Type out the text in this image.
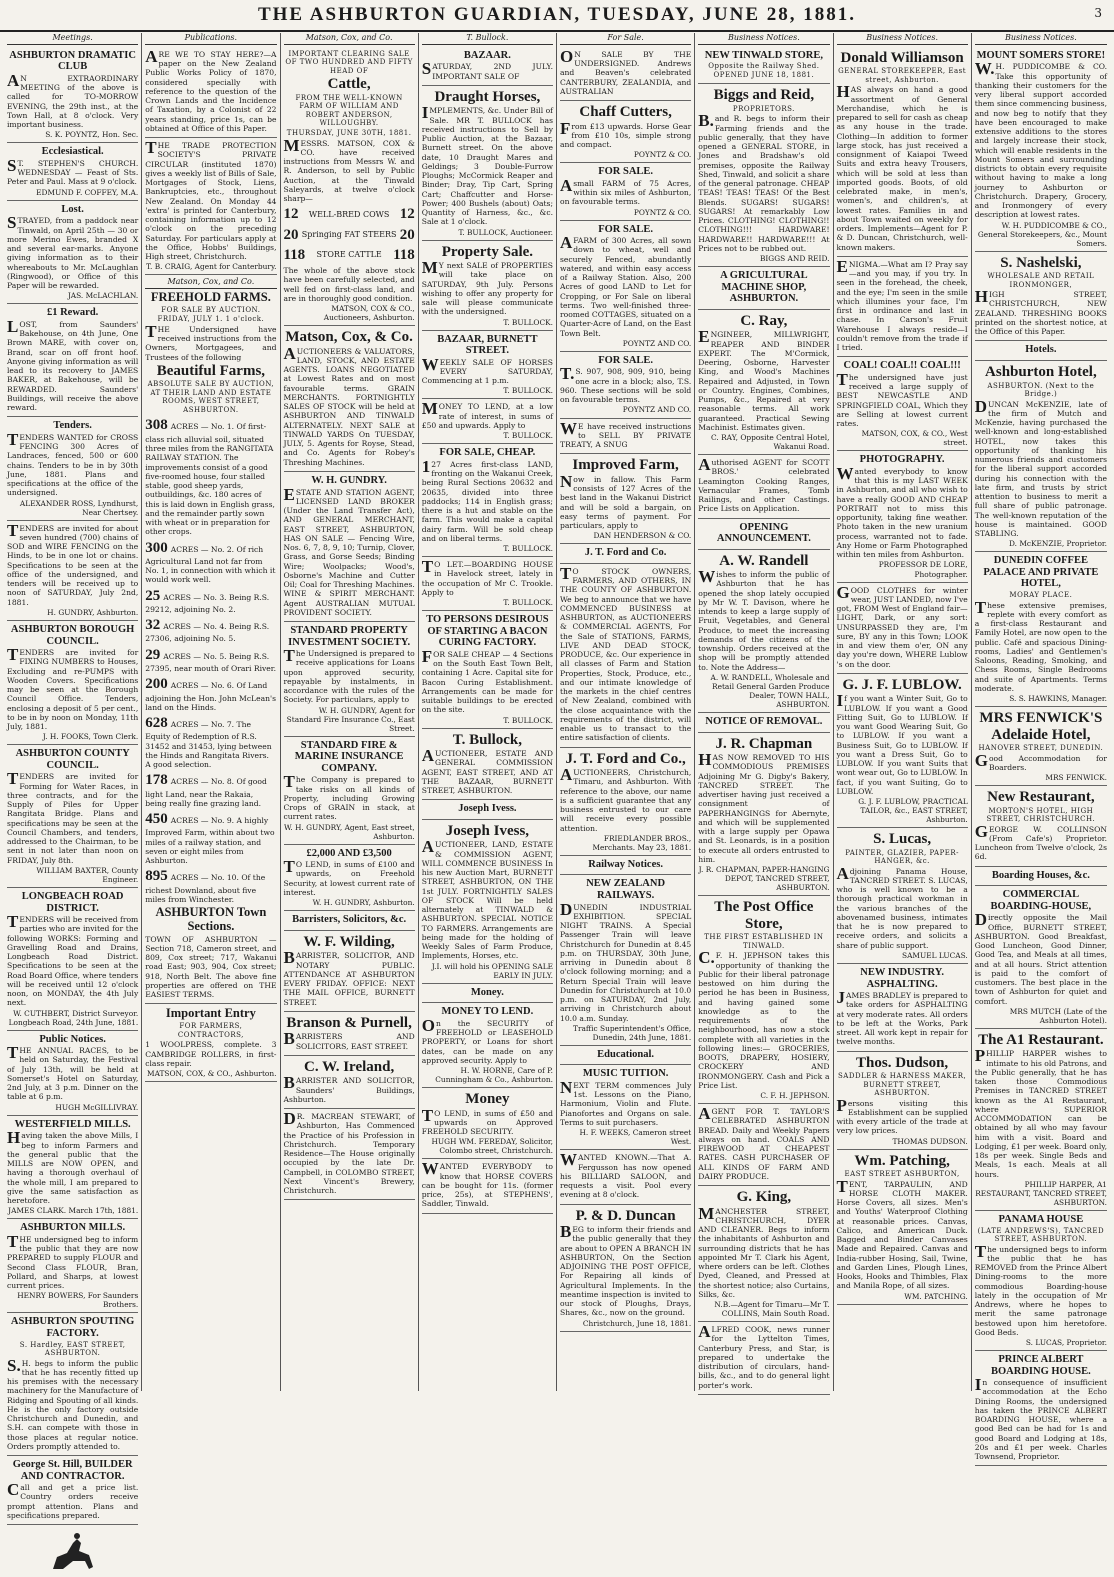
THE ASHBURTON GUARDIAN, TUESDAY, JUNE 28, 1881.	3
Meetings.
ASHBURTON DRAMATIC CLUB

AN EXTRAORDINARY MEETING of the above is called for TO-MORROW EVENING, the 29th inst., at the Town Hall, at 8 o'clock. Very important business.

S. K. POYNTZ, Hon. Sec.
Ecclesiastical.

ST. STEPHEN'S CHURCH. WEDNESDAY — Feast of Sts. Peter and Paul. Mass at 9 o'clock.

EDMUND F. COFFEY, M.A.
Lost.

STRAYED, from a paddock near Tinwald, on April 25th — 30 or more Merino Ewes, branded X and several ear-marks. Anyone giving information as to their whereabouts to Mr. McLaughlan (Ringwood), or Office of this Paper will be rewarded.

JAS. McLACHLAN.
£1 Reward.

LOST, from Saunders' Bakehouse, on 4th June, One Brown MARE, with cover on, Brand, scar on off front hoof. Anyone giving information as will lead to its recovery to JAMES BAKER, at Bakehouse, will be REWARDED. Saunders' Buildings, will receive the above reward.

Tenders.

TENDERS WANTED for CROSS FENCING 300 Acres of Landraces, fenced, 500 or 600 chains. Tenders to be in by 30th June, 1881. Plans and specifications at the office of the undersigned.

ALEXANDER ROSS, Lyndhurst, Near Chertsey.

TENDERS are invited for about seven hundred (700) chains of SOD and WIRE FENCING on the Hinds, to be in one lot or chains. Specifications to be seen at the office of the undersigned, and tenders will be received up to noon of SATURDAY, July 2nd, 1881.

H. GUNDRY, Ashburton.
ASHBURTON BOROUGH COUNCIL.

TENDERS are invited for FIXING NUMBERS to Houses, Excluding and re-PUMPS with Wooden Covers. Specifications may be seen at the Borough Council Office. Tenders, enclosing a deposit of 5 per cent., to be in by noon on Monday, 11th July, 1881.

J. H. FOOKS, Town Clerk.
ASHBURTON COUNTY COUNCIL.

TENDERS are invited for Forming for Water Races, in three contracts, and for the Supply of Piles for Upper Rangitata Bridge. Plans and specifications may be seen at the Council Chambers, and tenders, addressed to the Chairman, to be sent in not later than noon on FRIDAY, July 8th.

WILLIAM BAXTER, County Engineer.
LONGBEACH ROAD DISTRICT.

TENDERS will be received from parties who are invited for the following WORKS: Forming and Gravelling Road and Drains, Longbeach Road District. Specifications to be seen at the Road Board Office, where tenders will be received until 12 o'clock noon, on MONDAY, the 4th July next.

W. CUTHBERT, District Surveyor. Longbeach Road, 24th June, 1881.
Public Notices.

THE ANNUAL RACES, to be held on Saturday, the Festival of July 13th, will be held at Somerset's Hotel on Saturday, 2nd July, at 3 p.m. Dinner on the table at 6 p.m.

HUGH McGILLIVRAY.
WESTERFIELD MILLS.

Having taken the above Mills, I beg to inform Farmers and the general public that the MILLS are NOW OPEN, and having a thorough overhaul of the whole mill, I am prepared to give the same satisfaction as heretofore.

JAMES CLARK. March 17th, 1881.
ASHBURTON MILLS.

THE undersigned beg to inform the public that they are now PREPARED to supply FLOUR and Second Class FLOUR, Bran, Pollard, and Sharps, at lowest current prices.

HENRY BOWERS, For Saunders Brothers.
ASHBURTON SPOUTING FACTORY.
S. Hardley, EAST STREET, ASHBURTON.

S.H. begs to inform the public that he has recently fitted up his premises with the necessary machinery for the Manufacture of Ridging and Spouting of all kinds. He is the only factory outside Christchurch and Dunedin, and S.H. can compete with those in those places at regular notice. Orders promptly attended to.

George St. Hill, BUILDER AND CONTRACTOR.

Call and get a price list. Country orders receive prompt attention. Plans and specifications prepared.

Publications.

ARE WE TO STAY HERE?—A paper on the New Zealand Public Works Policy of 1870, considered specially with reference to the question of the Crown Lands and the Incidence of Taxation, by a Colonist of 22 years standing, price 1s, can be obtained at Office of this Paper.

THE TRADE PROTECTION SOCIETY'S PRIVATE CIRCULAR (instituted 1870) gives a weekly list of Bills of Sale, Mortgages of Stock, Liens, Bankruptcies, etc., throughout New Zealand. On Monday 44 'extra' is printed for Canterbury, containing information up to 12 o'clock on the preceding Saturday. For particulars apply at the Office, Hobbs' Buildings, High street, Christchurch.

T. B. CRAIG, Agent for Canterbury.
Matson, Cox, and Co.
FREEHOLD FARMS.
FOR SALE BY AUCTION.
FRIDAY, JULY 1. 1 o'clock.

THE Undersigned have received instructions from the Owners, Mortgagees, and Trustees of the following

Beautiful Farms,
ABSOLUTE SALE BY AUCTION, AT THEIR LAND AND ESTATE ROOMS, WEST STREET, ASHBURTON.
308 ACRES — No. 1. Of first-class rich alluvial soil, situated three miles from the RANGITATA RAILWAY STATION. The improvements consist of a good five-roomed house, four stalled stable, good sheep yards, outbuildings, &c. 180 acres of this is laid down in English grass, and the remainder partly sown with wheat or in preparation for other crops.
300 ACRES — No. 2. Of rich Agricultural Land not far from No. 1, in connection with which it would work well.
25 ACRES — No. 3. Being R.S. 29212, adjoining No. 2.
32 ACRES — No. 4. Being R.S. 27306, adjoining No. 5.
29 ACRES — No. 5. Being R.S. 27395, near mouth of Orari River.
200 ACRES — No. 6. Of Land adjoining the Hon. John McLean's land on the Hinds.
628 ACRES — No. 7. The Equity of Redemption of R.S. 31452 and 31453, lying between the Hinds and Rangitata Rivers. A good selection.
178 ACRES — No. 8. Of good light Land, near the Rakaia, being really fine grazing land.
450 ACRES — No. 9. A highly Improved Farm, within about two miles of a railway station, and seven or eight miles from Ashburton.
895 ACRES — No. 10. Of the richest Downland, about five miles from Winchester.
ASHBURTON Town Sections.

TOWN OF ASHBURTON — Section 718, Cameron street, and 809, Cox street; 717, Wakanui road East; 903, 904, Cox street; 918, North Belt. The above fine properties are offered on THE EASIEST TERMS.

Important Entry
FOR FARMERS, CONTRACTORS,

1 WOOLPRESS, complete. 3 CAMBRIDGE ROLLERS, in first-class repair.

MATSON, COX, & CO., Ashburton.
Matson, Cox, and Co.
IMPORTANT CLEARING SALE OF TWO HUNDRED AND FIFTY HEAD OF
Cattle,
FROM THE WELL-KNOWN FARM OF WILLIAM AND ROBERT ANDERSON, WILLOUGHBY.
THURSDAY, JUNE 30TH, 1881.

MESSRS. MATSON, COX & CO. have received instructions from Messrs W. and R. Anderson, to sell by Public Auction, at the Tinwald Saleyards, at twelve o'clock sharp—

12 WELL-BRED COWS 12
20 Springing FAT STEERS 20
118 STORE CATTLE 118

The whole of the above stock have been carefully selected, and well fed on first-class land, and are in thoroughly good condition.

MATSON, COX & CO., Auctioneers, Ashburton.
Matson, Cox, & Co.

AUCTIONEERS & VALUATORS, LAND, STOCK, AND ESTATE AGENTS. LOANS NEGOTIATED at Lowest Rates and on most favourable terms. GRAIN MERCHANTS. FORTNIGHTLY SALES OF STOCK will be held at ASHBURTON AND TINWALD ALTERNATELY. NEXT SALE at TINWALD YARDS On TUESDAY, JULY, 5. Agents for Royse, Stead, and Co. Agents for Robey's Threshing Machines.

W. H. GUNDRY.

ESTATE AND STATION AGENT, LICENSED LAND BROKER (Under the Land Transfer Act), AND GENERAL MERCHANT, EAST STREET, ASHBURTON, HAS ON SALE — Fencing Wire, Nos. 6, 7, 8, 9, 10; Turnip, Clover, Grass, and Gorse Seeds; Binding Wire; Woolpacks; Wood's, Osborne's Machine and Cutter Oil; Coal for Threshing Machines. WINE & SPIRIT MERCHANT. Agent AUSTRALIAN MUTUAL PROVIDENT SOCIETY.

STANDARD PROPERTY INVESTMENT SOCIETY.

The Undersigned is prepared to receive applications for Loans upon approved security, repayable by instalments, in accordance with the rules of the Society. For particulars, apply to

W. H. GUNDRY, Agent for Standard Fire Insurance Co., East Street.
STANDARD FIRE & MARINE INSURANCE COMPANY.

The Company is prepared to take risks on all kinds of Property, including Growing Crops of GRAIN in stack, at current rates.

W. H. GUNDRY, Agent, East street, Ashburton.
£2,000 AND £3,500

TO LEND, in sums of £100 and upwards, on Freehold Security, at lowest current rate of interest.

W. H. GUNDRY, Ashburton.
Barristers, Solicitors, &c.
W. F. Wilding,

BARRISTER, SOLICITOR, AND NOTARY PUBLIC. ATTENDANCE AT ASHBURTON EVERY FRIDAY. OFFICE: NEXT THE MAIL OFFICE, BURNETT STREET.

Branson & Purnell,

BARRISTERS AND SOLICITORS, EAST STREET.

C. W. Ireland,

BARRISTER AND SOLICITOR, Saunders' Buildings, Ashburton.

DR. MACREAN STEWART, of Ashburton, Has Commenced the Practice of his Profession in Christchurch. Temporary Residence—The House originally occupied by the late Dr. Campbell, in COLOMBO STREET, Next Vincent's Brewery, Christchurch.

T. Bullock.
BAZAAR.

SATURDAY, 2ND JULY. IMPORTANT SALE OF

Draught Horses,

IMPLEMENTS, &c. Under Bill of Sale. MR T. BULLOCK has received instructions to Sell by Public Auction, at the Bazaar, Burnett street. On the above date, 10 Draught Mares and Geldings; 3 Double-Furrow Ploughs; McCormick Reaper and Binder; Dray, Tip Cart, Spring Cart; Chaffcutter and Horse-Power; 400 Bushels (about) Oats; Quantity of Harness, &c., &c. Sale at 1 o'clock.

T. BULLOCK, Auctioneer.
Property Sale.

MY next SALE of PROPERTIES will take place on SATURDAY, 9th July. Persons wishing to offer any property for sale will please communicate with the undersigned.

T. BULLOCK.
BAZAAR, BURNETT STREET.

WEEKLY SALE OF HORSES EVERY SATURDAY, Commencing at 1 p.m.

T. BULLOCK.

MONEY TO LEND, at a low rate of interest, in sums of £50 and upwards. Apply to

T. BULLOCK.
FOR SALE, CHEAP.

127 Acres first-class LAND, fronting on the Wakanui Creek, being Rural Sections 20632 and 20635, divided into three paddocks; 114 in English grass; there is a hut and stable on the farm. This would make a capital dairy farm. Will be sold cheap and on liberal terms.

T. BULLOCK.

TO LET.—BOARDING HOUSE in Havelock street, lately in the occupation of Mr C. Trookle. Apply to

T. BULLOCK.
TO PERSONS DESIROUS OF STARTING A BACON CURING FACTORY.

FOR SALE CHEAP — 4 Sections on the South East Town Belt, containing 1 Acre. Capital site for Bacon Curing Establishment. Arrangements can be made for suitable buildings to be erected on the site.

T. BULLOCK.
T. Bullock,

AUCTIONEER, ESTATE AND GENERAL COMMISSION AGENT, EAST STREET, AND AT THE BAZAAR, BURNETT STREET, ASHBURTON.

Joseph Ivess.
Joseph Ivess,

AUCTIONEER, LAND, ESTATE & COMMISSION AGENT, WILL COMMENCE BUSINESS In his new Auction Mart, BURNETT STREET, ASHBURTON, ON THE 1st JULY. FORTNIGHTLY SALES OF STOCK Will be held alternately at TINWALD & ASHBURTON. SPECIAL NOTICE TO FARMERS. Arrangements are being made for the holding of Weekly Sales of Farm Produce, Implements, Horses, etc.

J.I. will hold his OPENING SALE EARLY IN JULY.
Money.
MONEY TO LEND.

On the SECURITY of FREEHOLD or LEASEHOLD PROPERTY, or Loans for short dates, can be made on any approved security. Apply to

H. W. HORNE, Care of P. Cunningham & Co., Ashburton.
Money

TO LEND, in sums of £50 and upwards on Approved FREEHOLD SECURITY.

HUGH WM. FEREDAY, Solicitor, Colombo street, Christchurch.

WANTED EVERYBODY to know that HORSE COVERS can be bought for 11s. (former price, 25s), at STEPHENS', Saddler, Tinwald.

For Sale.

ON SALE BY THE UNDERSIGNED. Andrews and Beaven's celebrated CANTERBURY, ZEALANDIA, and AUSTRALIAN

Chaff Cutters,

From £13 upwards. Horse Gear from £10 10s, simple strong and compact.

POYNTZ & CO.
FOR SALE.

Asmall FARM of 75 Acres, within six miles of Ashburton, on favourable terms.

POYNTZ & CO.
FOR SALE.

AFARM of 300 Acres, all sown down to wheat, well and securely Fenced, abundantly watered, and within easy access of a Railway Station. Also, 200 Acres of good LAND to Let for Cropping, or For Sale on liberal terms. Two well-finished three-roomed COTTAGES, situated on a Quarter-Acre of Land, on the East Town Belt.

POYNTZ AND CO.
FOR SALE.

T.S. 907, 908, 909, 910, being one acre in a block; also, T.S. 960. These sections will be sold on favourable terms.

POYNTZ AND CO.

WE have received instructions to SELL BY PRIVATE TREATY, A SNUG

Improved Farm,

Now in fallow. This Farm consists of 127 Acres of the best land in the Wakanui District and will be sold a bargain, on easy terms of payment. For particulars, apply to

DAN HENDERSON & CO.
J. T. Ford and Co.

TO STOCK OWNERS, FARMERS, AND OTHERS, IN THE COUNTY OF ASHBURTON. We beg to announce that we have COMMENCED BUSINESS at ASHBURTON, as AUCTIONEERS & COMMERCIAL AGENTS, For the Sale of STATIONS, FARMS, LIVE AND DEAD STOCK, PRODUCE, &c. Our experience in all classes of Farm and Station Properties, Stock, Produce, etc., and our intimate knowledge of the markets in the chief centres of New Zealand, combined with the close acquaintance with the requirements of the district, will enable us to transact to the entire satisfaction of clients.

J. T. Ford and Co.,

AUCTIONEERS, Christchurch, Timaru, and Ashburton. With reference to the above, our name is a sufficient guarantee that any business entrusted to our care will receive every possible attention.

FRIEDLANDER BROS., Merchants. May 23, 1881.
Railway Notices.
NEW ZEALAND RAILWAYS.

DUNEDIN INDUSTRIAL EXHIBITION. SPECIAL NIGHT TRAINS. A Special Passenger Train will leave Christchurch for Dunedin at 8.45 p.m. on THURSDAY, 30th June, arriving in Dunedin about 8 o'clock following morning; and a Return Special Train will leave Dunedin for Christchurch at 10.0 p.m. on SATURDAY, 2nd July, arriving in Christchurch about 10.0 a.m. Sunday.

Traffic Superintendent's Office, Dunedin, 24th June, 1881.
Educational.
MUSIC TUITION.

NEXT TERM commences July 1st. Lessons on the Piano, Harmonium, Violin and Flute. Pianofortes and Organs on sale. Terms to suit purchasers.

H. F. WEEKS, Cameron street West.

WANTED KNOWN.—That A. Fergusson has now opened his BILLIARD SALOON, and requests a visit. Pool every evening at 8 o'clock.

P. & D. Duncan

BEG to inform their friends and the public generally that they are about to OPEN A BRANCH IN ASHBURTON, On the Section ADJOINING THE POST OFFICE, For Repairing all kinds of Agricultural Implements. In the meantime inspection is invited to our stock of Ploughs, Drays, Shares, &c., now on the ground.

Christchurch, June 18, 1881.
Business Notices.
NEW TINWALD STORE,
Opposite the Railway Shed. OPENED JUNE 18, 1881.
Biggs and Reid,
PROPRIETORS.

B.and R. begs to inform their Farming friends and the public generally, that they have opened a GENERAL STORE, in Jones and Bradshaw's old premises, opposite the Railway Shed, Tinwald, and solicit a share of the general patronage. CHEAP TEAS! TEAS! TEAS! Of the Best Blends. SUGARS! SUGARS! SUGARS! At remarkably Low Prices. CLOTHING! CLOTHING!! CLOTHING!!! HARDWARE! HARDWARE!! HARDWARE!!! At Prices not to be rubbed out.

BIGGS AND REID.
A GRICULTURAL MACHINE SHOP, ASHBURTON.
C. Ray,

ENGINEER, MILLWRIGHT, REAPER AND BINDER EXPERT. The M'Cormick, Deering, Osborne, Harvester King, and Wood's Machines Repaired and Adjusted, in Town or Country. Engines, Combines, Pumps, &c., Repaired at very reasonable terms. All work guaranteed. Practical Sewing Machinist. Estimates given.

C. RAY, Opposite Central Hotel, Wakanui Road.

Authorised AGENT for SCOTT BROS.' celebrated Leamington Cooking Ranges, Vernacular Frames, Tomb Railings, and other Castings. Price Lists on Application.

OPENING ANNOUNCEMENT.
A. W. Randell

Wishes to inform the public of Ashburton that he has opened the shop lately occupied by Mr W. T. Davison, where he intends to keep a large supply of Fruit, Vegetables, and General Produce, to meet the increasing demands of the citizens of the township. Orders received at the shop will be promptly attended to. Note the Address—

A. W. RANDELL, Wholesale and Retail General Garden Produce Dealer, TOWN HALL, ASHBURTON.
NOTICE OF REMOVAL.
J. R. Chapman

HAS NOW REMOVED TO HIS COMMODIOUS PREMISES Adjoining Mr G. Digby's Bakery, TANCRED STREET. The advertiser having just received a consignment of PAPERHANGINGS for Abernyte, and which will be supplemented with a large supply per Opawa and St. Leonards, is in a position to execute all orders entrusted to him.

J. R. CHAPMAN, PAPER-HANGING DEPOT, TANCRED STREET, ASHBURTON.
The Post Office Store,
THE FIRST ESTABLISHED IN TINWALD.

C.F. H. JEPHSON takes this opportunity of thanking the Public for their liberal patronage bestowed on him during the period he has been in Business, and having gained some knowledge as to the requirements of the neighbourhood, has now a stock complete with all varieties in the following lines:— GROCERIES, BOOTS, DRAPERY, HOSIERY, CROCKERY AND IRONMONGERY. Cash and Pick a Price List.

C. F. H. JEPHSON.

AGENT FOR T. TAYLOR'S CELEBRATED ASHBURTON BREAD. Daily and Weekly Papers always on hand. COALS AND FIREWOOD AT CHEAPEST RATES. CASH PURCHASER OF ALL KINDS OF FARM AND DAIRY PRODUCE.

G. King,

MANCHESTER STREET, CHRISTCHURCH, DYER AND CLEANER. Begs to inform the inhabitants of Ashburton and surrounding districts that he has appointed Mr T. Clark his Agent, where orders can be left. Clothes Dyed, Cleaned, and Pressed at the shortest notice; also Curtains, Silks, &c.

N.B.—Agent for Timaru—Mr T. COLLINS, Main South Road.

ALFRED COOK, news runner for the Lyttelton Times, Canterbury Press, and Star, is prepared to undertake the distribution of circulars, hand-bills, &c., and to do general light porter's work.

Business Notices.
Donald Williamson
GENERAL STOREKEEPER, East street, Ashburton.

HAS always on hand a good assortment of General Merchandise, which he is prepared to sell for cash as cheap as any house in the trade. Clothing—In addition to former large stock, has just received a consignment of Kaiapoi Tweed Suits and extra heavy Trousers, which will be sold at less than imported goods. Boots, of old celebrated make, in men's, women's, and children's, at lowest rates. Families in and about Town waited on weekly for orders. Implements—Agent for P. & D. Duncan, Christchurch, well-known makers.

ENIGMA.—What am I? Pray say—and you may, if you try. In seen in the forehead, the cheek, and the eye; I'm seen in the smile which illumines your face, I'm first in ordinance and last in chase. In Carson's Fruit Warehouse I always reside—I couldn't remove from the trade if I tried.

COAL! COAL!! COAL!!!

The undersigned have just received a large supply of BEST NEWCASTLE AND SPRINGFIELD COAL, Which they are Selling at lowest current rates.

MATSON, COX, & CO., West street.
PHOTOGRAPHY.

Wanted everybody to know that this is my LAST WEEK in Ashburton, and all who wish to have a really GOOD AND CHEAP PORTRAIT not to miss this opportunity, taking fine weather. Photo taken in the new uranium process, warranted not to fade. Any Home or Farm Photographed within ten miles from Ashburton.

PROFESSOR DE LORE, Photographer.

GOOD CLOTHES for winter wear, JUST LANDED, now I've got, FROM West of England fair— LIGHT, Dark, or any sort: UNSURPASSED they are, I'm sure, BY any in this Town; LOOK in and view them o'er, ON any day you're down, WHERE Lublow 's on the door.

G. J. F. LUBLOW.

If you want a Winter Suit, Go to LUBLOW. If you want a Good Fitting Suit, Go to LUBLOW. If you want Good Wearing Suit, Go to LUBLOW. If you want a Business Suit, Go to LUBLOW. If you want a Dress Suit, Go to LUBLOW. If you want Suits that wont wear out, Go to LUBLOW. In fact, if you want Suiting, Go to LUBLOW.

G. J. F. LUBLOW, PRACTICAL TAILOR, &c., EAST STREET, Ashburton.
S. Lucas,
PAINTER, GLAZIER, PAPER-HANGER, &c.

Adjoining Panama House, TANCRED STREET. S. LUCAS, who is well known to be a thorough practical workman in the various branches of the abovenamed business, intimates that he is now prepared to receive orders, and solicits a share of public support.

SAMUEL LUCAS.
NEW INDUSTRY. ASPHALTING.

JAMES BRADLEY is prepared to take orders for ASPHALTING at very moderate rates. All orders to be left at the Works, Park street. All work kept in repair for twelve months.

Thos. Dudson,
SADDLER & HARNESS MAKER, BURNETT STREET, ASHBURTON.

Persons visiting this Establishment can be supplied with every article of the trade at very low prices.

THOMAS DUDSON.
Wm. Patching,
EAST STREET ASHBURTON,

TENT, TARPAULIN, AND HORSE CLOTH MAKER. Horse Covers, all sizes. Men's and Youths' Waterproof Clothing at reasonable prices. Canvas, Calico, and American Duck. Bagged and Binder Canvases Made and Repaired. Canvas and India-rubber Hosing, Sail, Twine, and Garden Lines, Plough Lines, Hooks, Hooks and Thimbles, Flax and Manila Rope, of all sizes.

WM. PATCHING.
Business Notices.
MOUNT SOMERS STORE!

W.H. PUDDICOMBE & CO. Take this opportunity of thanking their customers for the very liberal support accorded them since commencing business, and now beg to notify that they have been encouraged to make extensive additions to the stores and largely increase their stock, which will enable residents in the Mount Somers and surrounding districts to obtain every requisite without having to make a long journey to Ashburton or Christchurch. Drapery, Grocery, and Ironmongery of every description at lowest rates.

W. H. PUDDICOMBE & CO., General Storekeepers, &c., Mount Somers.
S. Nashelski,
WHOLESALE AND RETAIL IRONMONGER,

HIGH STREET, CHRISTCHURCH, NEW ZEALAND. THRESHING BOOKS printed on the shortest notice, at the Office of this Paper.

Hotels.
Ashburton Hotel,
ASHBURTON. (Next to the Bridge.)

DUNCAN McKENZIE, late of the firm of Mutch and McKenzie, having purchased the well-known and long-established HOTEL, now takes this opportunity of thanking his numerous friends and customers for the liberal support accorded during his connection with the late firm, and trusts by strict attention to business to merit a full share of public patronage. The well-known reputation of the house is maintained. GOOD STABLING.

D. McKENZIE, Proprietor.
DUNEDIN COFFEE PALACE AND PRIVATE HOTEL,
MORAY PLACE.

These extensive premises, replete with every comfort as a first-class Restaurant and Family Hotel, are now open to the public. Café and spacious Dining-rooms, Ladies' and Gentlemen's Saloons, Reading, Smoking, and Chess Rooms, Single Bedrooms and suite of Apartments. Terms moderate.

S. S. HAWKINS, Manager.
MRS FENWICK'S Adelaide Hotel,
HANOVER STREET, DUNEDIN.

Good Accommodation for Boarders.

MRS FENWICK.
New Restaurant,
MORTON'S HOTEL, HIGH STREET, CHRISTCHURCH.

GEORGE W. COLLINSON (From Cafe's) Proprietor. Luncheon from Twelve o'clock, 2s 6d.

Boarding Houses, &c.
COMMERCIAL BOARDING-HOUSE,

Directly opposite the Mail Office, BURNETT STREET, ASHBURTON. Good Breakfast, Good Luncheon, Good Dinner, Good Tea, and Meals at all times, and at all hours. Strict attention is paid to the comfort of customers. The best place in the town of Ashburton for quiet and comfort.

MRS MUTCH (Late of the Ashburton Hotel).
The A1 Restaurant.

PHILLIP HARPER wishes to intimate to his old Patrons, and the Public generally, that he has taken those Commodious Premises in TANCRED STREET known as the A1 Restaurant, where SUPERIOR ACCOMMODATION can be obtained by all who may favour him with a visit. Board and Lodging, £1 per week. Board only, 18s per week. Single Beds and Meals, 1s each. Meals at all hours.

PHILLIP HARPER, A1 RESTAURANT, TANCRED STREET, ASHBURTON.
PANAMA HOUSE
(LATE ANDREWS'S), TANCRED STREET, ASHBURTON.

The undersigned begs to inform the public that he has REMOVED from the Prince Albert Dining-rooms to the more commodious Boarding-house lately in the occupation of Mr Andrews, where he hopes to merit the same patronage bestowed upon him heretofore. Good Beds.

S. LUCAS, Proprietor.
PRINCE ALBERT BOARDING HOUSE.

In consequence of insufficient accommodation at the Echo Dining Rooms, the undersigned has taken the PRINCE ALBERT BOARDING HOUSE, where a good Bed can be had for 1s and good Board and Lodging at 18s, 20s and £1 per week. Charles Townsend, Proprietor.
